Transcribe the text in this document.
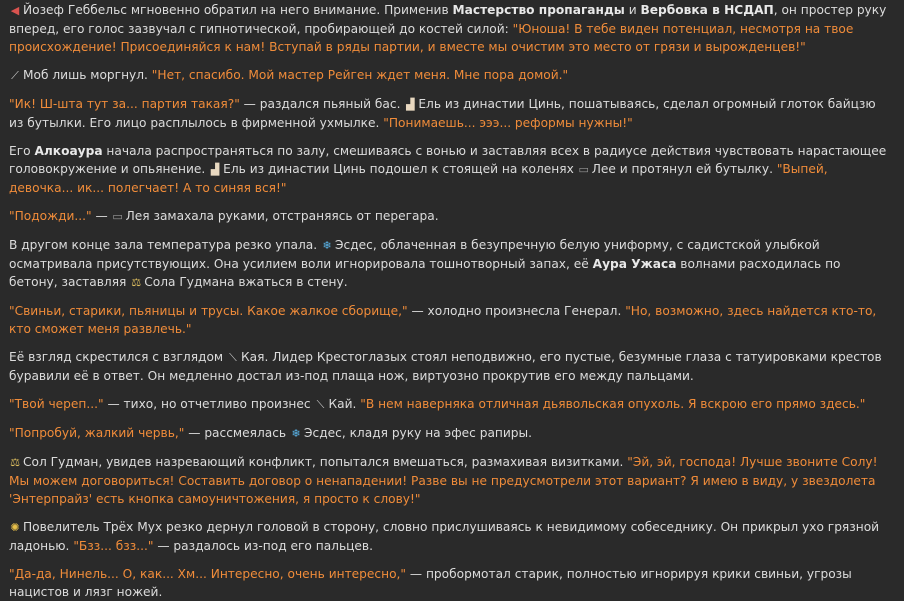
◀ Йозеф Геббельс мгновенно обратил на него внимание. Применив Мастерство пропаганды и Вербовка в НСДАП, он простер руку вперед, его голос зазвучал с гипнотической, пробирающей до костей силой: "Юноша! В тебе виден потенциал, несмотря на твое происхождение! Присоединяйся к нам! Вступай в ряды партии, и вместе мы очистим это место от грязи и вырожденцев!"

⟋ Моб лишь моргнул. "Нет, спасибо. Мой мастер Рейген ждет меня. Мне пора домой."

"Ик! Ш-шта тут за... партия такая?" — раздался пьяный бас. ▟ Ель из династии Цинь, пошатываясь, сделал огромный глоток байцзю из бутылки. Его лицо расплылось в фирменной ухмылке. "Понимаешь... эээ... реформы нужны!"

Его Алкоаура начала распространяться по залу, смешиваясь с вонью и заставляя всех в радиусе действия чувствовать нарастающее головокружение и опьянение. ▟ Ель из династии Цинь подошел к стоящей на коленях ▭ Лее и протянул ей бутылку. "Выпей, девочка... ик... полегчает! А то синяя вся!"

"Подожди..." — ▭ Лея замахала руками, отстраняясь от перегара.

В другом конце зала температура резко упала. ❄ Эсдес, облаченная в безупречную белую униформу, с садистской улыбкой осматривала присутствующих. Она усилием воли игнорировала тошнотворный запах, её Аура Ужаса волнами расходилась по бетону, заставляя ⚖ Сола Гудмана вжаться в стену.

"Свиньи, старики, пьяницы и трусы. Какое жалкое сборище," — холодно произнесла Генерал. "Но, возможно, здесь найдется кто-то, кто сможет меня развлечь."

Её взгляд скрестился с взглядом ⟍ Кая. Лидер Крестоглазых стоял неподвижно, его пустые, безумные глаза с татуировками крестов буравили её в ответ. Он медленно достал из-под плаща нож, виртуозно прокрутив его между пальцами.

"Твой череп..." — тихо, но отчетливо произнес ⟍ Кай. "В нем наверняка отличная дьявольская опухоль. Я вскрою его прямо здесь."

"Попробуй, жалкий червь," — рассмеялась ❄ Эсдес, кладя руку на эфес рапиры.

⚖ Сол Гудман, увидев назревающий конфликт, попытался вмешаться, размахивая визитками. "Эй, эй, господа! Лучше звоните Солу! Мы можем договориться! Составить договор о ненападении! Разве вы не предусмотрели этот вариант? Я имею в виду, у звездолета 'Энтерпрайз' есть кнопка самоуничтожения, я просто к слову!"

✺ Повелитель Трёх Мух резко дернул головой в сторону, словно прислушиваясь к невидимому собеседнику. Он прикрыл ухо грязной ладонью. "Бзз... бзз..." — раздалось из-под его пальцев.

"Да-да, Нинель... О, как... Хм... Интересно, очень интересно," — пробормотал старик, полностью игнорируя крики свиньи, угрозы нацистов и лязг ножей.
